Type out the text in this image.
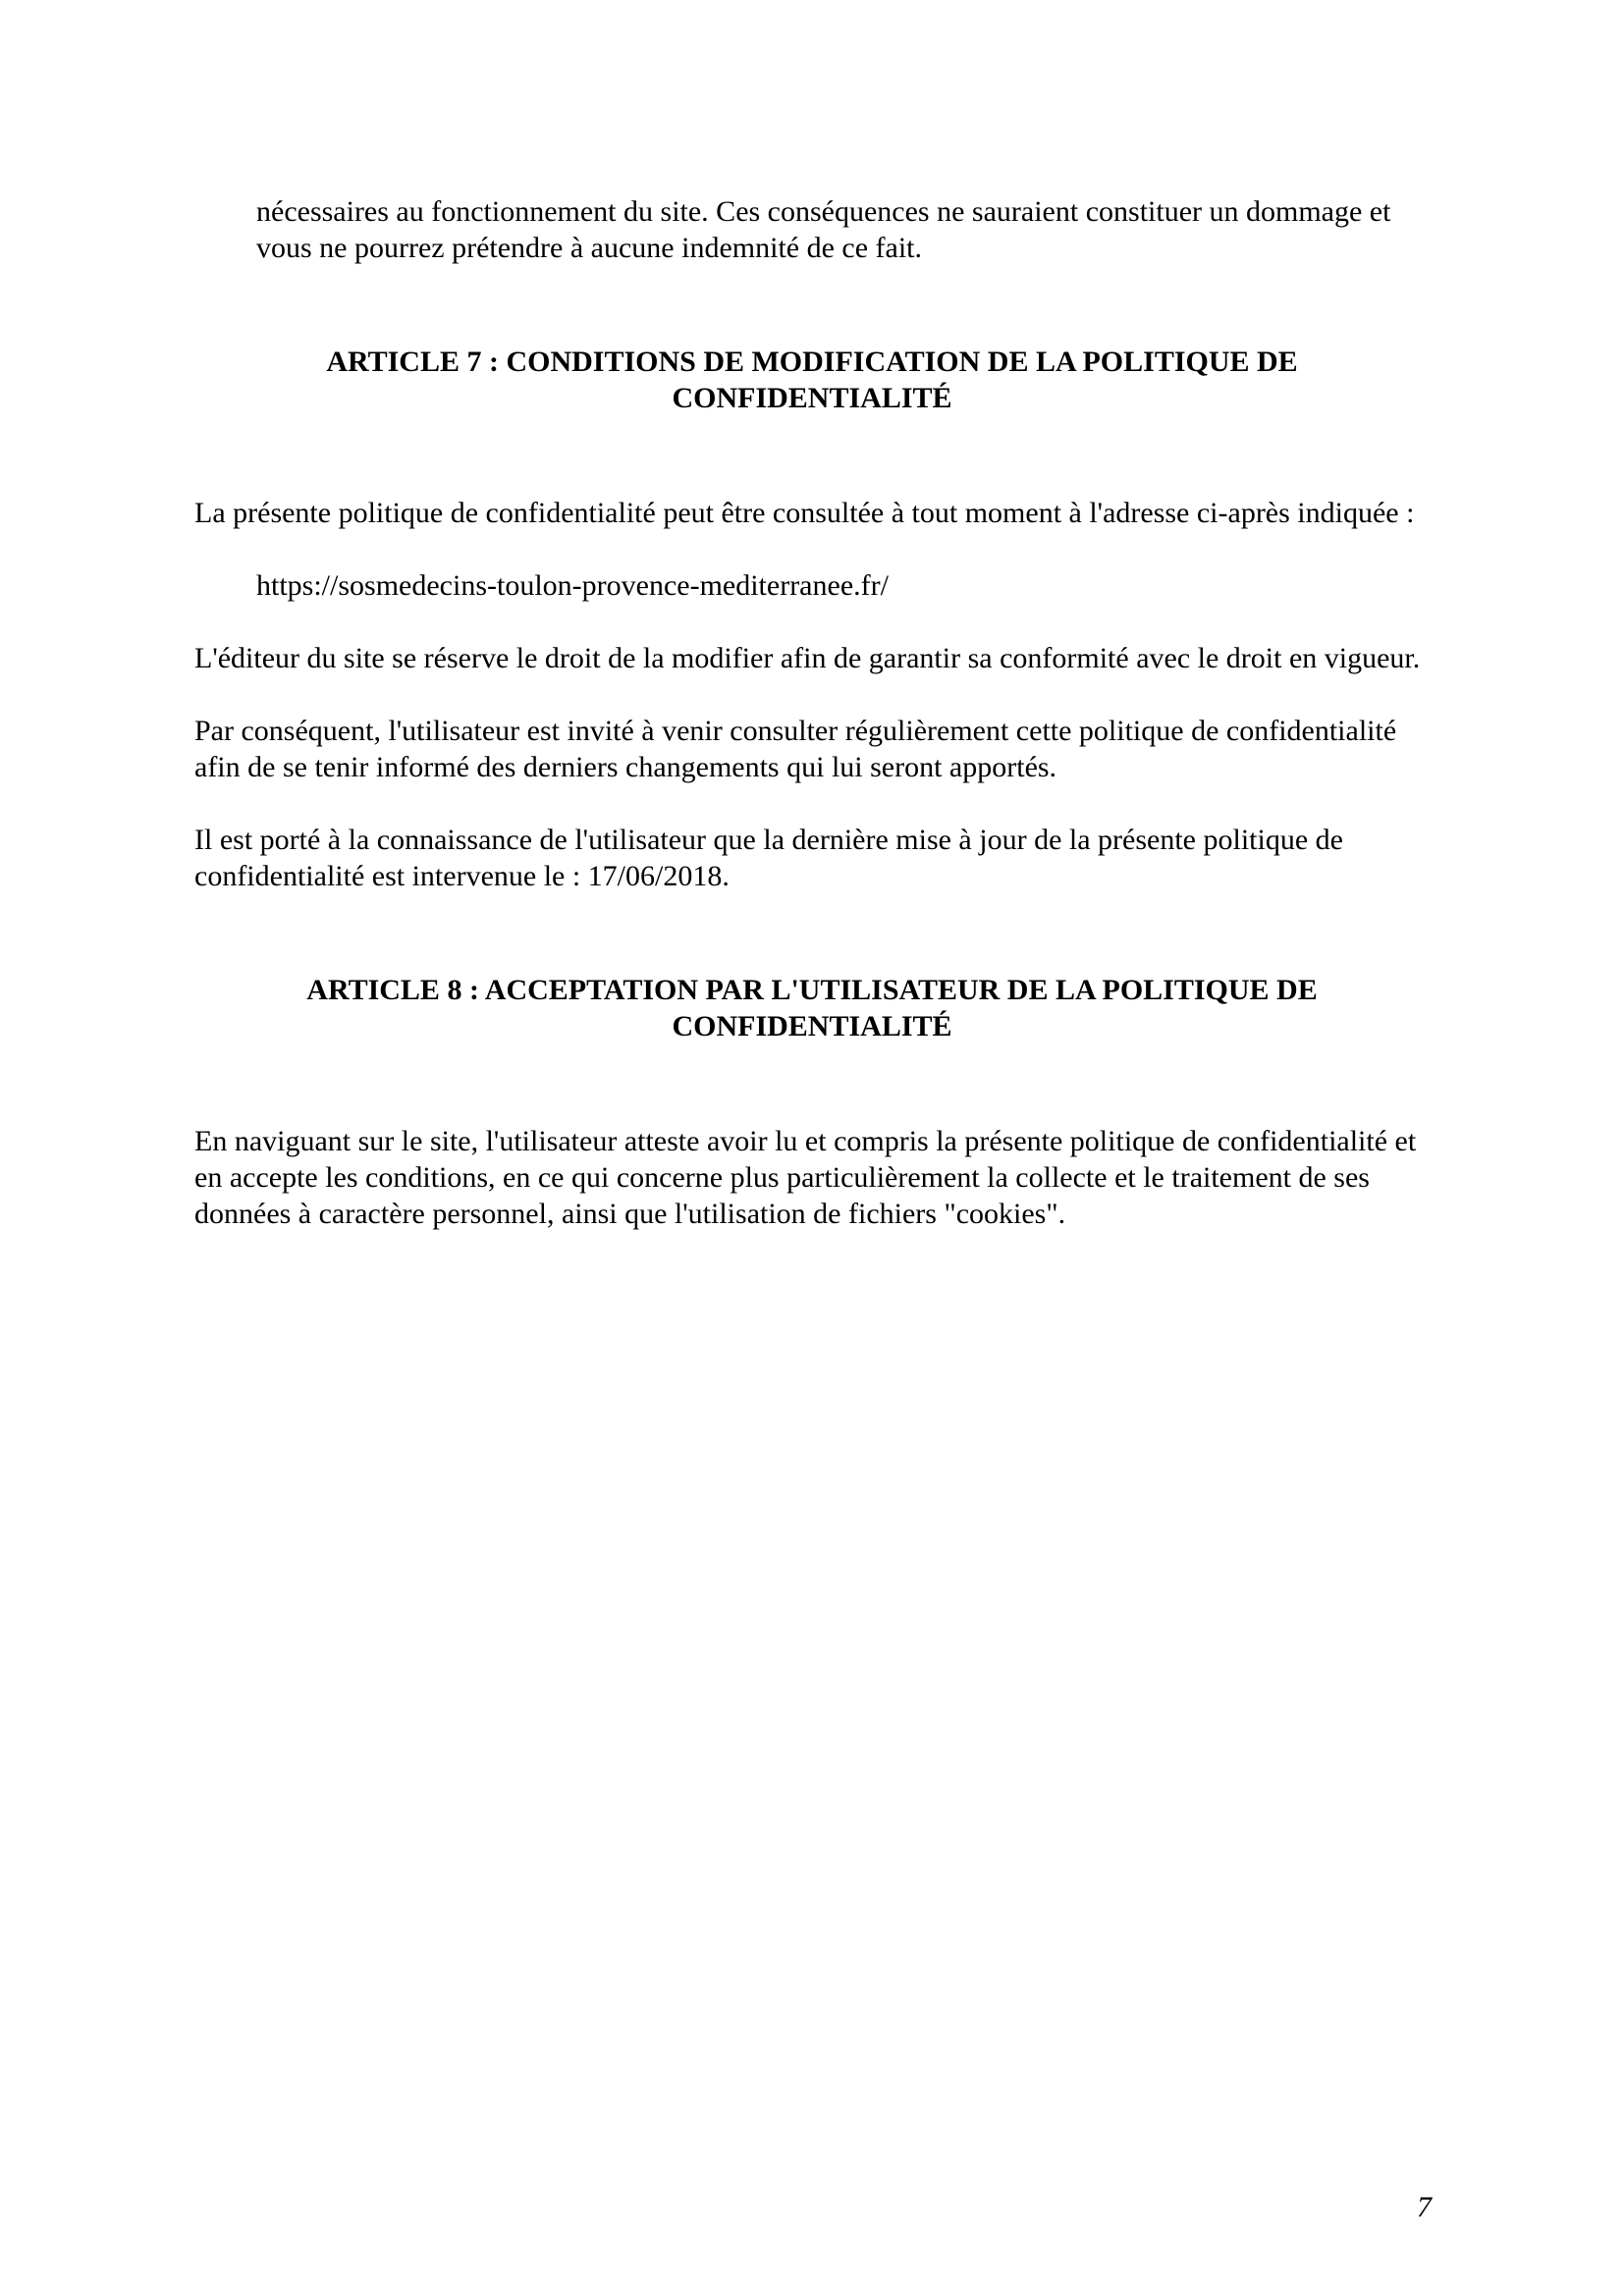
nécessaires au fonctionnement du site. Ces conséquences ne sauraient constituer un dommage et vous ne pourrez prétendre à aucune indemnité de ce fait.

ARTICLE 7 : CONDITIONS DE MODIFICATION DE LA POLITIQUE DE CONFIDENTIALITÉ

La présente politique de confidentialité peut être consultée à tout moment à l'adresse ci-après indiquée :

https://sosmedecins-toulon-provence-mediterranee.fr/

L'éditeur du site se réserve le droit de la modifier afin de garantir sa conformité avec le droit en vigueur.

Par conséquent, l'utilisateur est invité à venir consulter régulièrement cette politique de confidentialité afin de se tenir informé des derniers changements qui lui seront apportés.

Il est porté à la connaissance de l'utilisateur que la dernière mise à jour de la présente politique de confidentialité est intervenue le : 17/06/2018.

ARTICLE 8 : ACCEPTATION PAR L'UTILISATEUR DE LA POLITIQUE DE CONFIDENTIALITÉ

En naviguant sur le site, l'utilisateur atteste avoir lu et compris la présente politique de confidentialité et en accepte les conditions, en ce qui concerne plus particulièrement la collecte et le traitement de ses données à caractère personnel, ainsi que l'utilisation de fichiers "cookies".

7
